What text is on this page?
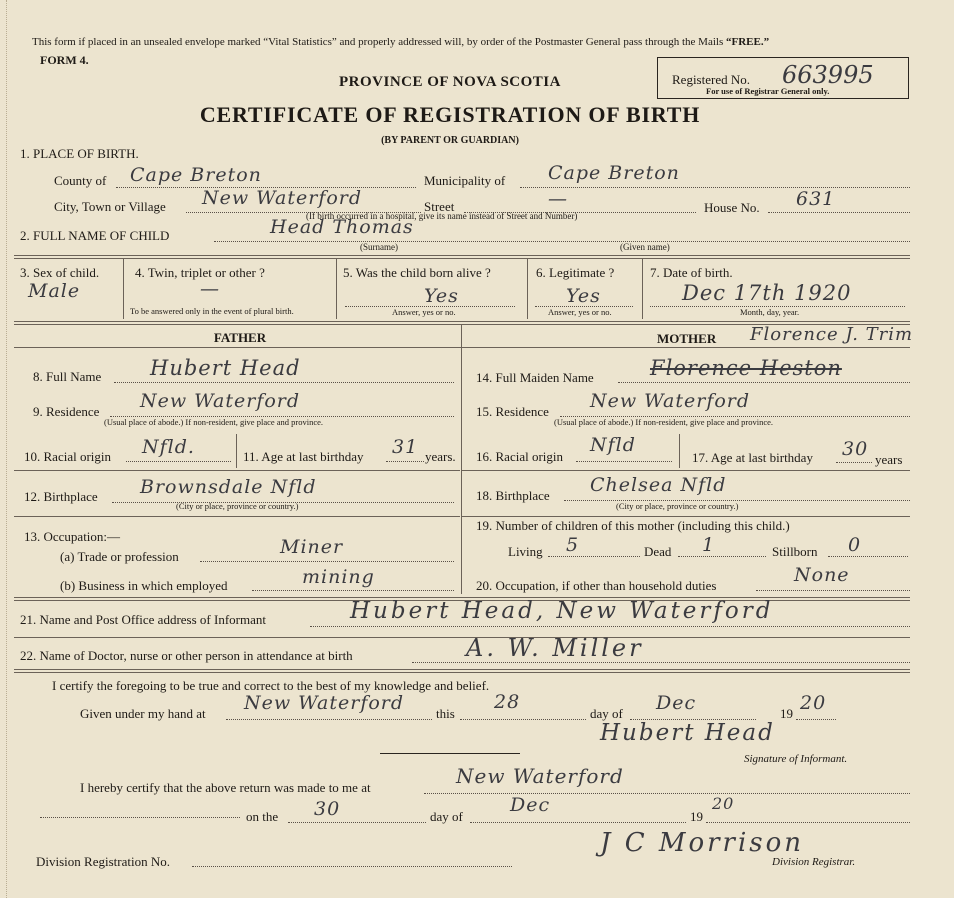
This form if placed in an unsealed envelope marked “Vital Statistics” and properly addressed will, by order of the Postmaster General pass through the Mails “FREE.”
FORM 4.
PROVINCE OF NOVA SCOTIA
CERTIFICATE OF REGISTRATION OF BIRTH
(BY PARENT OR GUARDIAN)
Registered No. 663995
For use of Registrar General only.
1. PLACE OF BIRTH.
County of Cape Breton	Municipality of Cape Breton
City, Town or Village New Waterford	Street	—	House No. 631
(If birth occurred in a hospital, give its name instead of Street and Number)
2. FULL NAME OF CHILD	Head Thomas
(Surname)	(Given name)
3. Sex of child.
Male
4. Twin, triplet or other ?
—
To be answered only in the event of plural birth.
5. Was the child born alive ?
Yes
Answer, yes or no.
6. Legitimate ?
Yes
Answer, yes or no.
7. Date of birth.
Dec 17th 1920
Month, day, year.
FATHER	MOTHER Florence J. Trim
8. Full Name Hubert Head
9. Residence New Waterford
(Usual place of abode.) If non-resident, give place and province.
10. Racial origin Nfld.	11. Age at last birthday 31 years.
12. Birthplace Brownsdale Nfld
(City or place, province or country.)
13. Occupation:—
(a) Trade or profession	Miner
(b) Business in which employed	mining
14. Full Maiden Name	Florence Heston
15. Residence New Waterford
(Usual place of abode.) If non-resident, give place and province.
16. Racial origin
Nfld
17. Age at last birthday 30 years
18. Birthplace Chelsea Nfld
(City or place, province or country.)
19. Number of children of this mother (including this child.)
Living 5	Dead 1	Stillborn 0
20. Occupation, if other than household duties	None
21. Name and Post Office address of Informant	Hubert Head, New Waterford
22. Name of Doctor, nurse or other person in attendance at birth	A. W. Miller
I certify the foregoing to be true and correct to the best of my knowledge and belief.
Given under my hand at New Waterford this
28
day of Dec	19 20
Hubert Head
Signature of Informant.
I hereby certify that the above return was made to me at	New Waterford
on the 30	day of
Dec
19
20
Division Registration No.
J C Morrison
Division Registrar.
